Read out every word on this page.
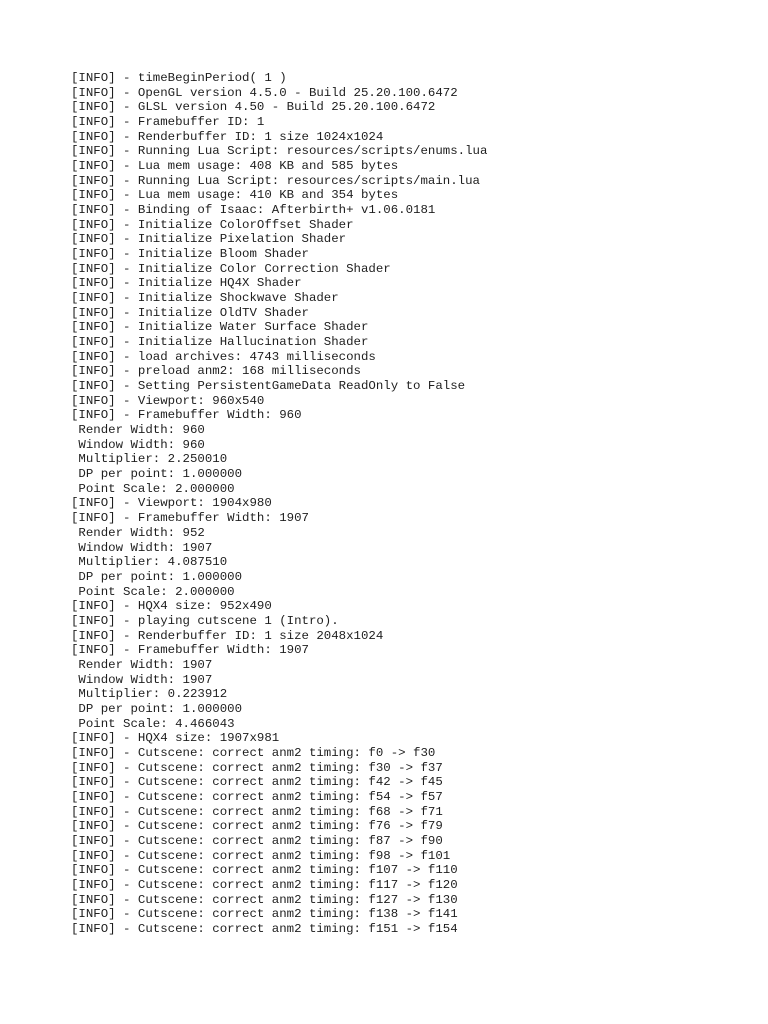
[INFO] - timeBeginPeriod( 1 )
[INFO] - OpenGL version 4.5.0 - Build 25.20.100.6472
[INFO] - GLSL version 4.50 - Build 25.20.100.6472
[INFO] - Framebuffer ID: 1
[INFO] - Renderbuffer ID: 1 size 1024x1024
[INFO] - Running Lua Script: resources/scripts/enums.lua
[INFO] - Lua mem usage: 408 KB and 585 bytes
[INFO] - Running Lua Script: resources/scripts/main.lua
[INFO] - Lua mem usage: 410 KB and 354 bytes
[INFO] - Binding of Isaac: Afterbirth+ v1.06.0181
[INFO] - Initialize ColorOffset Shader
[INFO] - Initialize Pixelation Shader
[INFO] - Initialize Bloom Shader
[INFO] - Initialize Color Correction Shader
[INFO] - Initialize HQ4X Shader
[INFO] - Initialize Shockwave Shader
[INFO] - Initialize OldTV Shader
[INFO] - Initialize Water Surface Shader
[INFO] - Initialize Hallucination Shader
[INFO] - load archives: 4743 milliseconds
[INFO] - preload anm2: 168 milliseconds
[INFO] - Setting PersistentGameData ReadOnly to False
[INFO] - Viewport: 960x540
[INFO] - Framebuffer Width: 960
Render Width: 960
Window Width: 960
Multiplier: 2.250010
DP per point: 1.000000
Point Scale: 2.000000
[INFO] - Viewport: 1904x980
[INFO] - Framebuffer Width: 1907
Render Width: 952
Window Width: 1907
Multiplier: 4.087510
DP per point: 1.000000
Point Scale: 2.000000
[INFO] - HQX4 size: 952x490
[INFO] - playing cutscene 1 (Intro).
[INFO] - Renderbuffer ID: 1 size 2048x1024
[INFO] - Framebuffer Width: 1907
Render Width: 1907
Window Width: 1907
Multiplier: 0.223912
DP per point: 1.000000
Point Scale: 4.466043
[INFO] - HQX4 size: 1907x981
[INFO] - Cutscene: correct anm2 timing: f0 -> f30
[INFO] - Cutscene: correct anm2 timing: f30 -> f37
[INFO] - Cutscene: correct anm2 timing: f42 -> f45
[INFO] - Cutscene: correct anm2 timing: f54 -> f57
[INFO] - Cutscene: correct anm2 timing: f68 -> f71
[INFO] - Cutscene: correct anm2 timing: f76 -> f79
[INFO] - Cutscene: correct anm2 timing: f87 -> f90
[INFO] - Cutscene: correct anm2 timing: f98 -> f101
[INFO] - Cutscene: correct anm2 timing: f107 -> f110
[INFO] - Cutscene: correct anm2 timing: f117 -> f120
[INFO] - Cutscene: correct anm2 timing: f127 -> f130
[INFO] - Cutscene: correct anm2 timing: f138 -> f141
[INFO] - Cutscene: correct anm2 timing: f151 -> f154
